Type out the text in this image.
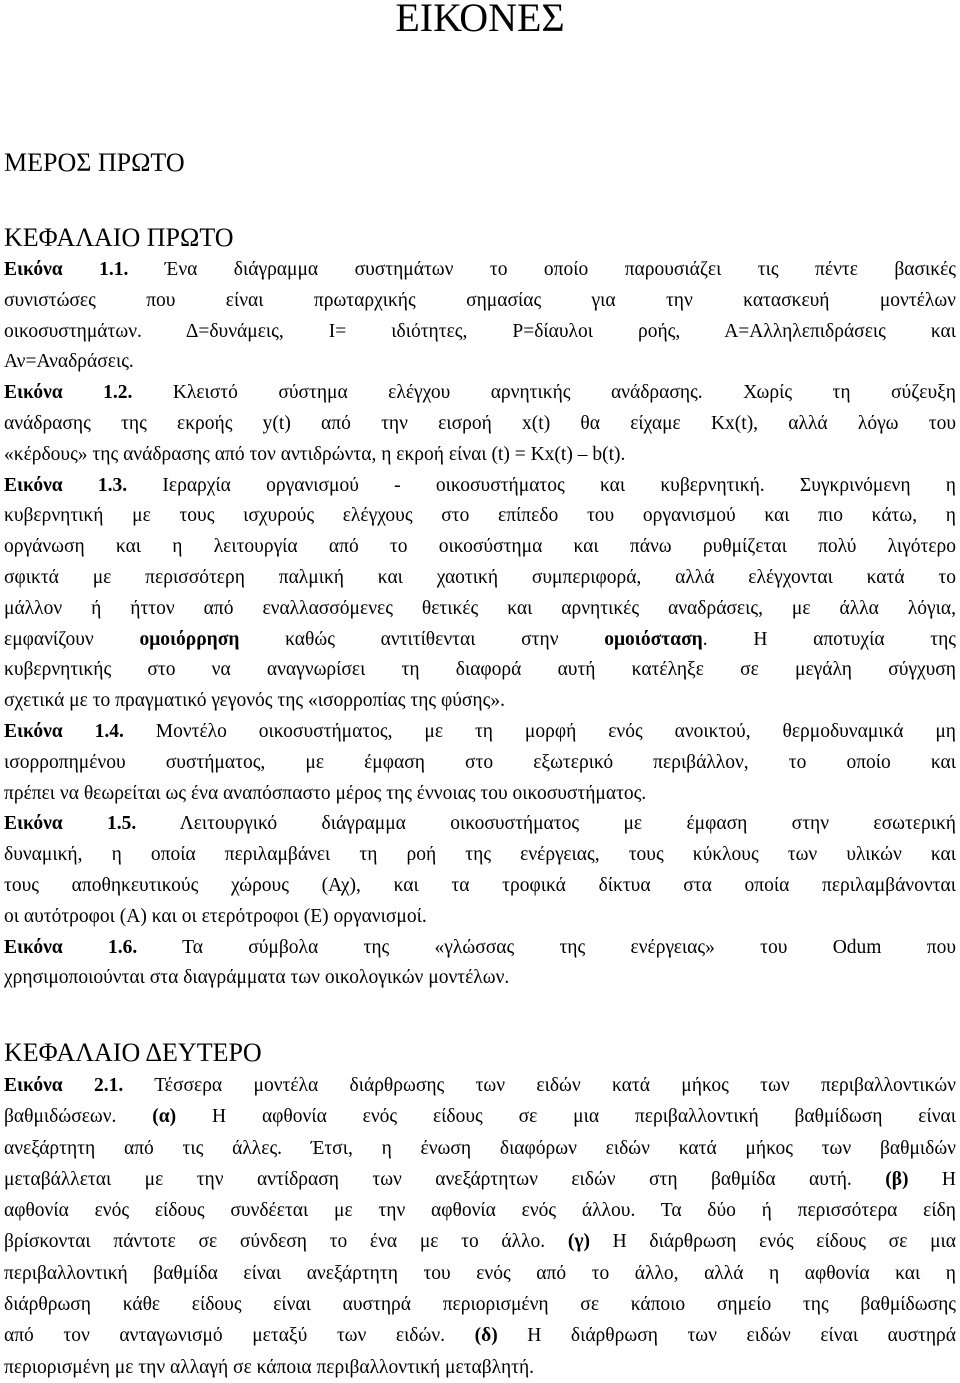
ΕΙΚΟΝΕΣ
ΜΕΡΟΣ ΠΡΩΤΟ
ΚΕΦΑΛΑΙΟ ΠΡΩΤΟ
Εικόνα 1.1. Ένα διάγραμμα συστημάτων το οποίο παρουσιάζει τις πέντε βασικές
συνιστώσες που είναι πρωταρχικής σημασίας για την κατασκευή μοντέλων
οικοσυστημάτων. Δ=δυνάμεις, Ι= ιδιότητες, Ρ=δίαυλοι ροής, Α=Αλληλεπιδράσεις και
Αν=Αναδράσεις.
Εικόνα 1.2. Κλειστό σύστημα ελέγχου αρνητικής ανάδρασης. Χωρίς τη σύζευξη
ανάδρασης της εκροής y(t) από την εισροή x(t) θα είχαμε Kx(t), αλλά λόγω του
«κέρδους» της ανάδρασης από τον αντιδρώντα, η εκροή είναι (t) = Kx(t) – b(t).
Εικόνα 1.3. Ιεραρχία οργανισμού - οικοσυστήματος και κυβερνητική. Συγκρινόμενη η
κυβερνητική με τους ισχυρούς ελέγχους στο επίπεδο του οργανισμού και πιο κάτω, η
οργάνωση και η λειτουργία από το οικοσύστημα και πάνω ρυθμίζεται πολύ λιγότερο
σφικτά με περισσότερη παλμική και χαοτική συμπεριφορά, αλλά ελέγχονται κατά το
μάλλον ή ήττον από εναλλασσόμενες θετικές και αρνητικές αναδράσεις, με άλλα λόγια,
εμφανίζουν ομοιόρρηση καθώς αντιτίθενται στην ομοιόσταση. Η αποτυχία της
κυβερνητικής στο να αναγνωρίσει τη διαφορά αυτή κατέληξε σε μεγάλη σύγχυση
σχετικά με το πραγματικό γεγονός της «ισορροπίας της φύσης».
Εικόνα 1.4. Μοντέλο οικοσυστήματος, με τη μορφή ενός ανοικτού, θερμοδυναμικά μη
ισορροπημένου συστήματος, με έμφαση στο εξωτερικό περιβάλλον, το οποίο και
πρέπει να θεωρείται ως ένα αναπόσπαστο μέρος της έννοιας του οικοσυστήματος.
Εικόνα 1.5. Λειτουργικό διάγραμμα οικοσυστήματος με έμφαση στην εσωτερική
δυναμική, η οποία περιλαμβάνει τη ροή της ενέργειας, τους κύκλους των υλικών και
τους αποθηκευτικούς χώρους (Αχ), και τα τροφικά δίκτυα στα οποία περιλαμβάνονται
οι αυτότροφοι (Α) και οι ετερότροφοι (Ε) οργανισμοί.
Εικόνα 1.6. Τα σύμβολα της «γλώσσας της ενέργειας» του Odum που
χρησιμοποιούνται στα διαγράμματα των οικολογικών μοντέλων.
ΚΕΦΑΛΑΙΟ ΔΕΥΤΕΡΟ
Εικόνα 2.1. Τέσσερα μοντέλα διάρθρωσης των ειδών κατά μήκος των περιβαλλοντικών
βαθμιδώσεων. (α) Η αφθονία ενός είδους σε μια περιβαλλοντική βαθμίδωση είναι
ανεξάρτητη από τις άλλες. Έτσι, η ένωση διαφόρων ειδών κατά μήκος των βαθμιδών
μεταβάλλεται με την αντίδραση των ανεξάρτητων ειδών στη βαθμίδα αυτή. (β) Η
αφθονία ενός είδους συνδέεται με την αφθονία ενός άλλου. Τα δύο ή περισσότερα είδη
βρίσκονται πάντοτε σε σύνδεση το ένα με το άλλο. (γ) Η διάρθρωση ενός είδους σε μια
περιβαλλοντική βαθμίδα είναι ανεξάρτητη του ενός από το άλλο, αλλά η αφθονία και η
διάρθρωση κάθε είδους είναι αυστηρά περιορισμένη σε κάποιο σημείο της βαθμίδωσης
από τον ανταγωνισμό μεταξύ των ειδών. (δ) Η διάρθρωση των ειδών είναι αυστηρά
περιορισμένη με την αλλαγή σε κάποια περιβαλλοντική μεταβλητή.
